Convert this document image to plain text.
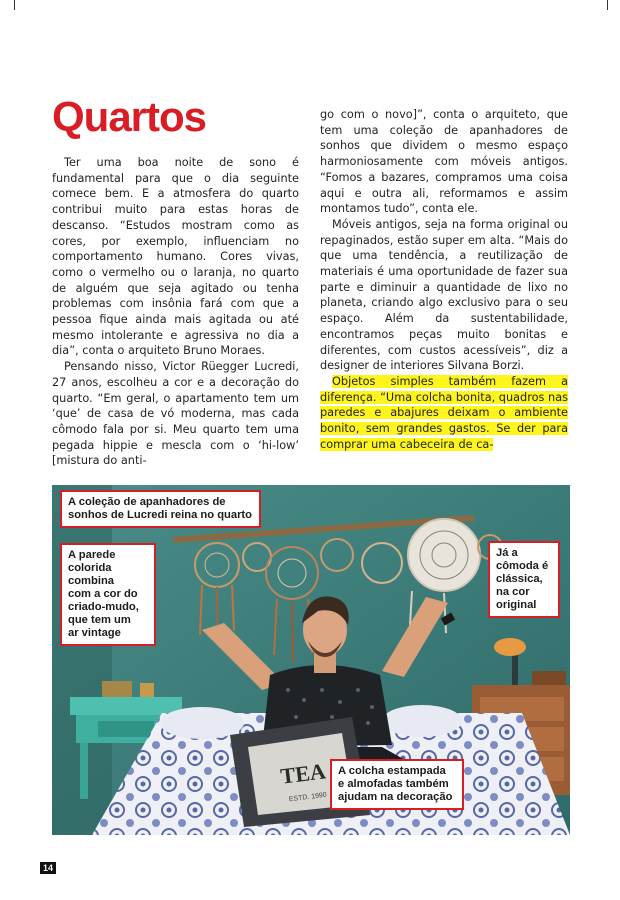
Quartos

Ter uma boa noite de sono é fundamental para que o dia seguinte comece bem. E a atmosfera do quarto contribui muito para estas horas de descanso. “Estudos mostram como as cores, por exemplo, influenciam no comportamento humano. Cores vivas, como o vermelho ou o laranja, no quarto de alguém que seja agitado ou tenha problemas com insônia fará com que a pessoa fique ainda mais agitada ou até mesmo intolerante e agressiva no dia a dia”, conta o arquiteto Bruno Moraes.

Pensando nisso, Victor Rüegger Lucredi, 27 anos, escolheu a cor e a decoração do quarto. “Em geral, o apartamento tem um ‘que’ de casa de vó moderna, mas cada cômodo fala por si. Meu quarto tem uma pegada hippie e mescla com o ‘hi-low’ [mistura do anti-

go com o novo]”, conta o arquiteto, que tem uma coleção de apanhadores de sonhos que dividem o mesmo espaço harmoniosamente com móveis antigos. “Fomos a bazares, compramos uma coisa aqui e outra ali, reformamos e assim montamos tudo”, conta ele.

Móveis antigos, seja na forma original ou repaginados, estão super em alta. “Mais do que uma tendência, a reutilização de materiais é uma oportunidade de fazer sua parte e diminuir a quantidade de lixo no planeta, criando algo exclusivo para o seu espaço. Além da sustentabilidade, encontramos peças muito bonitas e diferentes, com custos acessíveis”, diz a designer de interiores Silvana Borzi.

Objetos simples também fazem a diferença. “Uma colcha bonita, quadros nas paredes e abajures deixam o ambiente bonito, sem grandes gastos. Se der para comprar uma cabeceira de ca-

TEA
ESTD. 1990
A coleção de apanhadores de
sonhos de Lucredi reina no quarto
A parede
colorida
combina
com a cor do
criado-mudo,
que tem um
ar vintage
Já a
cômoda é
clássica,
na cor
original
A colcha estampada
e almofadas também
ajudam na decoração
14
